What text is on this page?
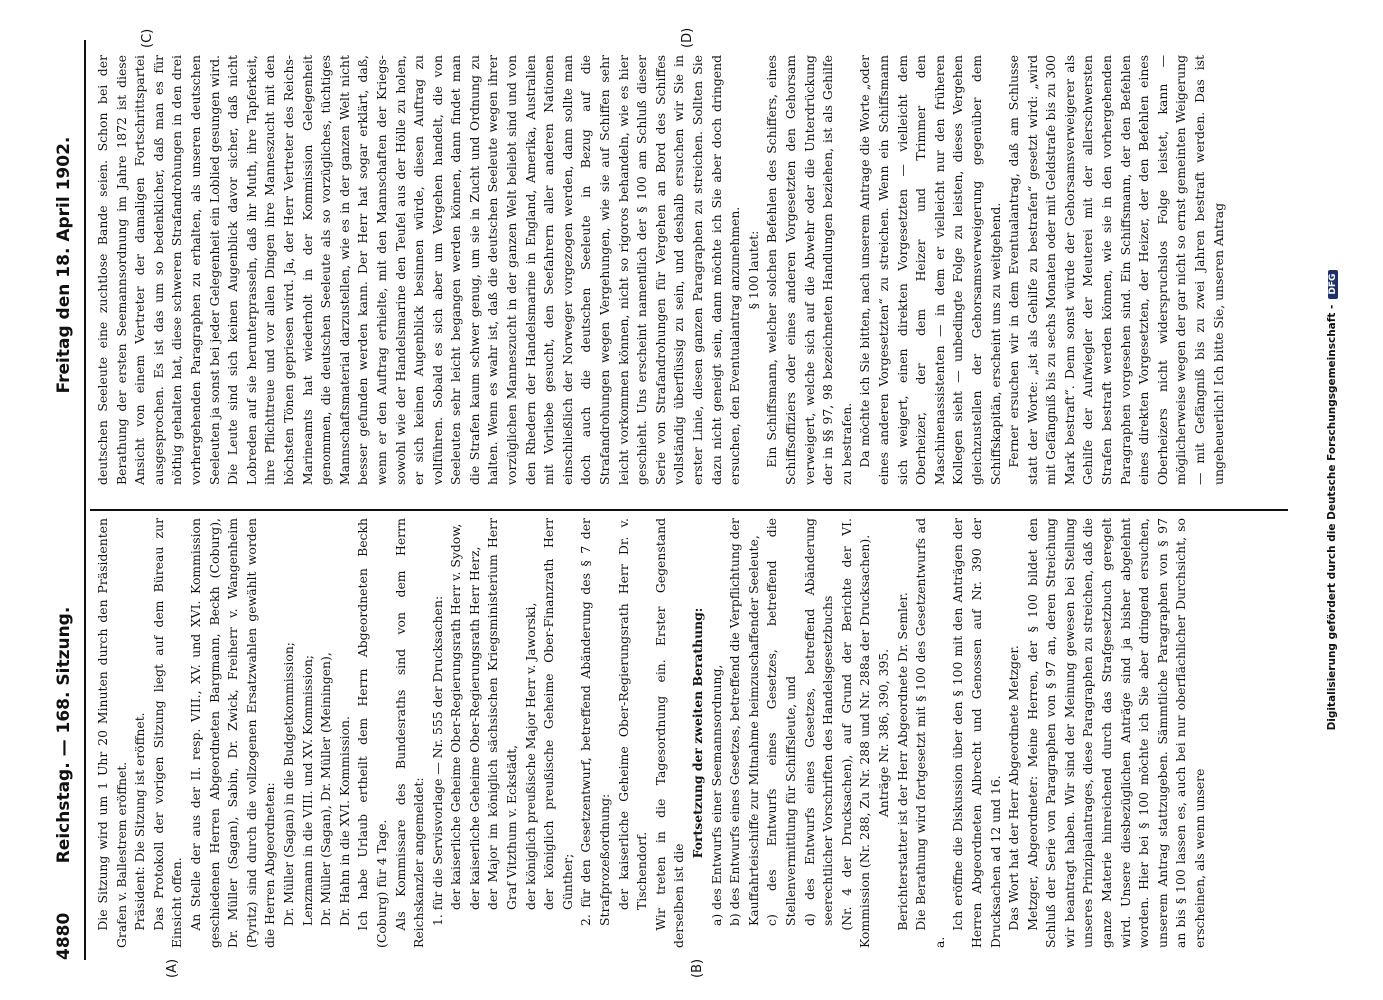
4880
Reichstag. — 168. Sitzung.
Freitag den 18. April 1902.
(A)	(B)
(C)	(D)

Die Sitzung wird um 1 Uhr 20 Minuten durch den Präsidenten Grafen v. Ballestrem eröffnet. Präsident: Die Sitzung ist eröffnet. Das Protokoll der vorigen Sitzung liegt auf dem Büreau zur Einsicht offen. An Stelle der aus der II. resp. VIII., XV. und XVI. Kommission geschiedenen Herren Abgeordneten Bargmann, Beckh (Coburg), Dr. Müller (Sagan), Sabin, Dr. Zwick, Freiherr v. Wangenheim (Pyritz) sind durch die vollzogenen Ersatzwahlen gewählt worden die Herren Abgeordneten: Dr. Müller (Sagan) in die Budgetkommission; Lenzmann in die VIII. und XV. Kommission; Dr. Müller (Sagan), Dr. Müller (Meiningen), Dr. Hahn in die XVI. Kommission. Ich habe Urlaub ertheilt dem Herrn Abgeordneten Beckh (Coburg) für 4 Tage. Als Kommissare des Bundesraths sind von dem Herrn Reichskanzler angemeldet: 1. für die Servisvorlage — Nr. 555 der Drucksachen: der kaiserliche Geheime Ober-Regierungsrath Herr v. Sydow, der kaiserliche Geheime Ober-Regierungsrath Herr Herz, der Major im königlich sächsischen Kriegsministerium Herr Graf Vitzthum v. Eckstädt, der königlich preußische Major Herr v. Jaworski, der königlich preußische Geheime Ober-Finanzrath Herr Günther; 2. für den Gesetzentwurf, betreffend Abänderung des § 7 der Strafprozeßordnung: der kaiserliche Geheime Ober-Regierungsrath Herr Dr. v. Tischendorf. Wir treten in die Tagesordnung ein. Erster Gegenstand derselben ist die

Fortsetzung der zweiten Berathung: a) des Entwurfs einer Seemannsordnung, b) des Entwurfs eines Gesetzes, betreffend die Verpflichtung der Kauffahrteischiffe zur Mitnahme heimzuschaffender Seeleute, c) des Entwurfs eines Gesetzes, betreffend die Stellenvermittlung für Schiffsleute, und d) des Entwurfs eines Gesetzes, betreffend Abänderung seerechtlicher Vorschriften des Handelsgesetzbuchs (Nr. 4 der Drucksachen), auf Grund der Berichte der VI. Kommission (Nr. 288, Zu Nr. 288 und Nr. 288a der Drucksachen). Anträge Nr. 386, 390, 395. Berichterstatter ist der Herr Abgeordnete Dr. Semler. Die Berathung wird fortgesetzt mit § 100 des Gesetzentwurfs ad a.

Ich eröffne die Diskussion über den § 100 mit den Anträgen der Herren Abgeordneten Albrecht und Genossen auf Nr. 390 der Drucksachen ad 12 und 16. Das Wort hat der Herr Abgeordnete Metzger. Metzger, Abgeordneter: Meine Herren, der § 100 bildet den Schluß der Serie von Paragraphen von § 97 an, deren Streichung wir beantragt haben. Wir sind der Meinung gewesen bei Stellung unseres Prinzipalantrages, diese Paragraphen zu streichen, daß die ganze Materie hinreichend durch das Strafgesetzbuch geregelt wird. Unsere diesbezüglichen Anträge sind ja bisher abgelehnt worden. Hier bei § 100 möchte ich Sie aber dringend ersuchen, unserem Antrag stattzugeben. Sämmtliche Paragraphen von § 97 an bis § 100 lassen es, auch bei nur oberflächlicher Durchsicht, so erscheinen, als wenn unsere

deutschen Seeleute eine zuchtlose Bande seien. Schon bei der Berathung der ersten Seemannsordnung im Jahre 1872 ist diese Ansicht von einem Vertreter der damaligen Fortschrittspartei ausgesprochen. Es ist das um so bedenklicher, daß man es für nöthig gehalten hat, diese schweren Strafandrohungen in den drei vorhergehenden Paragraphen zu erhalten, als unseren deutschen Seeleuten ja sonst bei jeder Gelegenheit ein Loblied gesungen wird. Die Leute sind sich keinen Augenblick davor sicher, daß nicht Lobreden auf sie herunterprasseln, daß ihr Muth, ihre Tapferkeit, ihre Pflichttreue und vor allen Dingen ihre Manneszucht mit den höchsten Tönen gepriesen wird. Ja, der Herr Vertreter des Reichs-Marineamts hat wiederholt in der Kommission Gelegenheit genommen, die deutschen Seeleute als so vorzügliches, tüchtiges Mannschaftsmaterial darzustellen, wie es in der ganzen Welt nicht besser gefunden werden kann. Der Herr hat sogar erklärt, daß, wenn er den Auftrag erhielte, mit den Mannschaften der Kriegs- sowohl wie der Handelsmarine den Teufel aus der Hölle zu holen, er sich keinen Augenblick besinnen würde, diesen Auftrag zu vollführen. Sobald es sich aber um Vergehen handelt, die von Seeleuten sehr leicht begangen werden können, dann findet man die Strafen kaum schwer genug, um sie in Zucht und Ordnung zu halten. Wenn es wahr ist, daß die deutschen Seeleute wegen ihrer vorzüglichen Manneszucht in der ganzen Welt beliebt sind und von den Rhedern der Handelsmarine in England, Amerika, Australien mit Vorliebe gesucht, den Seefahrern aller anderen Nationen einschließlich der Norweger vorgezogen werden, dann sollte man doch auch die deutschen Seeleute in Bezug auf die Strafandrohungen wegen Vergehungen, wie sie auf Schiffen sehr leicht vorkommen können, nicht so rigoros behandeln, wie es hier geschieht. Uns erscheint namentlich der § 100 am Schluß dieser Serie von Strafandrohungen für Vergehen an Bord des Schiffes vollständig überflüssig zu sein, und deshalb ersuchen wir Sie in erster Linie, diesen ganzen Paragraphen zu streichen. Sollten Sie dazu nicht geneigt sein, dann möchte ich Sie aber doch dringend ersuchen, den Eventualantrag anzunehmen. § 100 lautet: Ein Schiffsmann, welcher solchen Befehlen des Schiffers, eines Schiffsoffiziers oder eines anderen Vorgesetzten den Gehorsam verweigert, welche sich auf die Abwehr oder die Unterdrückung der in §§ 97, 98 bezeichneten Handlungen beziehen, ist als Gehilfe zu bestrafen. Da möchte ich Sie bitten, nach unserem Antrage die Worte „oder eines anderen Vorgesetzten“ zu streichen. Wenn ein Schiffsmann sich weigert, einen direkten Vorgesetzten — vielleicht dem Oberheizer, der dem Heizer und Trimmer den Maschinenassistenten — in dem er vielleicht nur den früheren Kollegen sieht — unbedingte Folge zu leisten, dieses Vergehen gleichzustellen der Gehorsamsverweigerung gegenüber dem Schiffskapitän, erscheint uns zu weitgehend. Ferner ersuchen wir in dem Eventualantrag, daß am Schlusse statt der Worte: „ist als Gehilfe zu bestrafen“ gesetzt wird: „wird mit Gefängniß bis zu sechs Monaten oder mit Geldstrafe bis zu 300 Mark bestraft“. Denn sonst würde der Gehorsamsverweigerer als Gehilfe der Aufwiegler der Meuterei mit der allerschwersten Strafen bestraft werden können, wie sie in den vorhergehenden Paragraphen vorgesehen sind. Ein Schiffsmann, der den Befehlen eines direkten Vorgesetzten, der Heizer, der den Befehlen eines Oberheizers nicht widerspruchslos Folge leistet, kann — möglicherweise wegen der gar nicht so ernst gemeinten Weigerung — mit Gefängniß bis zu zwei Jahren bestraft werden. Das ist ungeheuerlich! Ich bitte Sie, unseren Antrag	Digitalisierung gefördert durch die Deutsche Forschungsgemeinschaft -DFG
